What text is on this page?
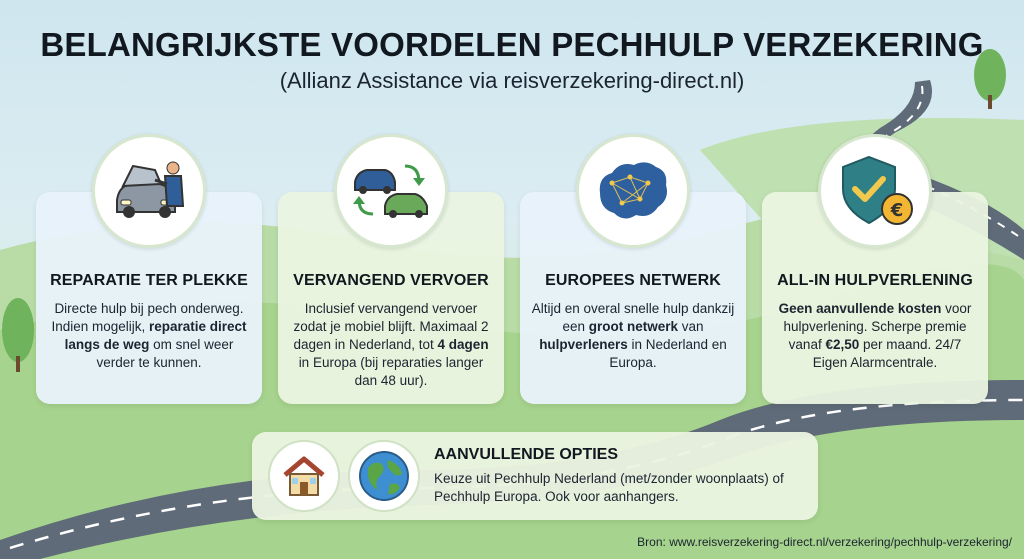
BELANGRIJKSTE VOORDELEN PECHHULP VERZEKERING
(Allianz Assistance via reisverzekering-direct.nl)
REPARATIE TER PLEKKE

Directe hulp bij pech onderweg. Indien mogelijk, reparatie direct langs de weg om snel weer verder te kunnen.

VERVANGEND VERVOER

Inclusief vervangend vervoer zodat je mobiel blijft. Maximaal 2 dagen in Nederland, tot 4 dagen in Europa (bij reparaties langer dan 48 uur).

EUROPEES NETWERK

Altijd en overal snelle hulp dankzij een groot netwerk van hulpverleners in Nederland en Europa.

ALL-IN HULPVERLENING

Geen aanvullende kosten voor hulpverlening. Scherpe premie vanaf €2,50 per maand. 24/7 Eigen Alarmcentrale.

€
AANVULLENDE OPTIES

Keuze uit Pechhulp Nederland (met/zonder woonplaats) of Pechhulp Europa. Ook voor aanhangers.

Bron: www.reisverzekering-direct.nl/verzekering/pechhulp-verzekering/
